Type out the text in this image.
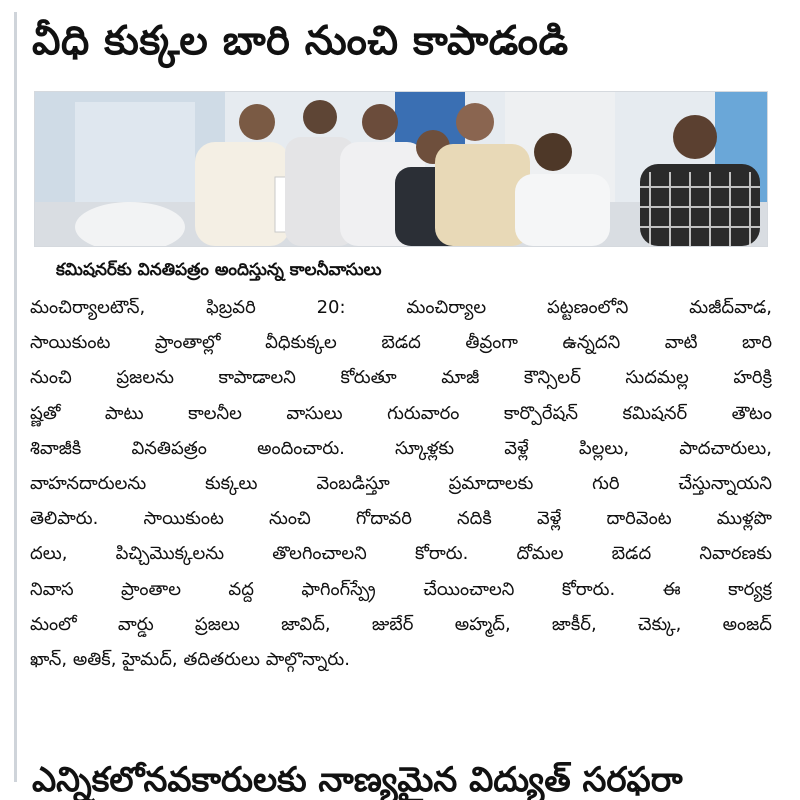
వీధి కుక్కల బారి నుంచి కాపాడండి
కమిషనర్‌కు వినతిపత్రం అందిస్తున్న కాలనీవాసులు
మంచిర్యాలటౌన్‌, ఫిబ్రవరి 20: మంచిర్యాల పట్టణంలోని మజీద్‌వాడ,
సాయికుంట ప్రాంతాల్లో వీధికుక్కల బెడద తీవ్రంగా ఉన్నదని వాటి బారి
నుంచి ప్రజలను కాపాడాలని కోరుతూ మాజీ కౌన్సిలర్‌ సుదమల్ల హరిక్రి
ష్ణతో పాటు కాలనీల వాసులు గురువారం కార్పొరేషన్‌ కమిషనర్‌ తౌటం
శివాజీకి వినతిపత్రం అందించారు. స్కూళ్లకు వెళ్లే పిల్లలు, పాదచారులు,
వాహనదారులను కుక్కలు వెంబడిస్తూ ప్రమాదాలకు గురి చేస్తున్నాయని
తెలిపారు. సాయికుంట నుంచి గోదావరి నదికి వెళ్లే దారివెంట ముళ్లపొ
దలు, పిచ్చిమొక్కలను తొలగించాలని కోరారు. దోమల బెడద నివారణకు
నివాస ప్రాంతాల వద్ద ఫాగింగ్‌స్ప్రే చేయించాలని కోరారు. ఈ కార్యక్ర
మంలో వార్డు ప్రజలు జావిద్‌, జుబేర్‌ అహ్మద్‌, జాకీర్‌, చెక్కు, అంజద్‌
ఖాన్‌, అతిక్‌, హైమద్‌, తదితరులు పాల్గొన్నారు.
ఎన్నికలోనవకారులకు నాణ్యమైన విద్యుత్‌ సరఫరా
